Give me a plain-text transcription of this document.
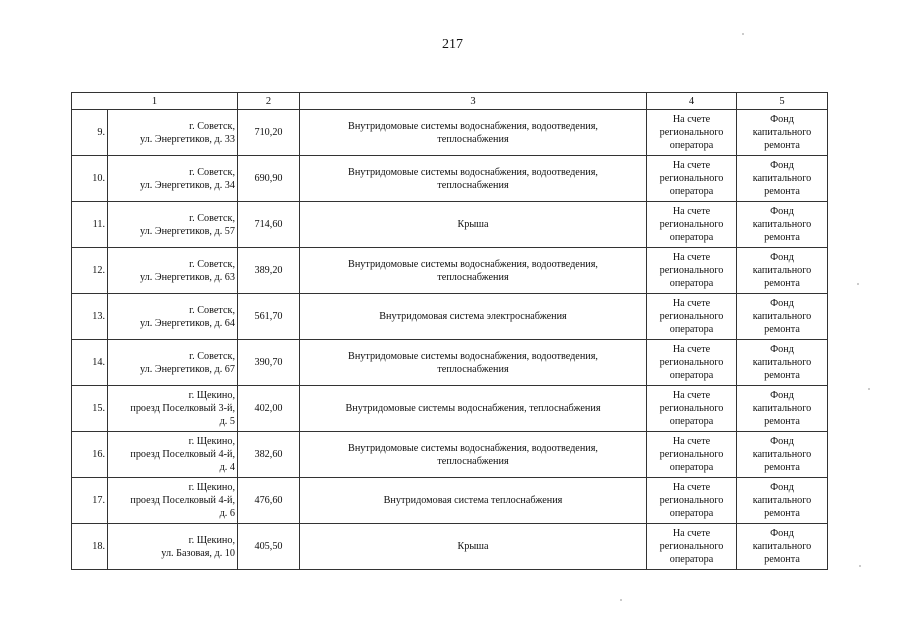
217
1		2	3	4	5

9.	г. Советск,
ул. Энергетиков, д. 33	710,20	Внутридомовые системы водоснабжения, водоотведения,
теплоснабжения	На счете
регионального
оператора	Фонд
капитального
ремонта

10.	г. Советск,
ул. Энергетиков, д. 34	690,90	Внутридомовые системы водоснабжения, водоотведения,
теплоснабжения	На счете
регионального
оператора	Фонд
капитального
ремонта

11.	г. Советск,
ул. Энергетиков, д. 57	714,60	Крыша	На счете
регионального
оператора	Фонд
капитального
ремонта

12.	г. Советск,
ул. Энергетиков, д. 63	389,20	Внутридомовые системы водоснабжения, водоотведения,
теплоснабжения	На счете
регионального
оператора	Фонд
капитального
ремонта

13.	г. Советск,
ул. Энергетиков, д. 64	561,70	Внутридомовая система электроснабжения	На счете
регионального
оператора	Фонд
капитального
ремонта

14.	г. Советск,
ул. Энергетиков, д. 67	390,70	Внутридомовые системы водоснабжения, водоотведения,
теплоснабжения	На счете
регионального
оператора	Фонд
капитального
ремонта

15.	г. Щекино,
проезд Поселковый 3-й,
д. 5	402,00	Внутридомовые системы водоснабжения, теплоснабжения	На счете
регионального
оператора	Фонд
капитального
ремонта

16.	г. Щекино,
проезд Поселковый 4-й,
д. 4	382,60	Внутридомовые системы водоснабжения, водоотведения,
теплоснабжения	На счете
регионального
оператора	Фонд
капитального
ремонта

17.	г. Щекино,
проезд Поселковый 4-й,
д. 6	476,60	Внутридомовая система теплоснабжения	На счете
регионального
оператора	Фонд
капитального
ремонта

18.	г. Щекино,
ул. Базовая, д. 10	405,50	Крыша	На счете
регионального
оператора	Фонд
капитального
ремонта
